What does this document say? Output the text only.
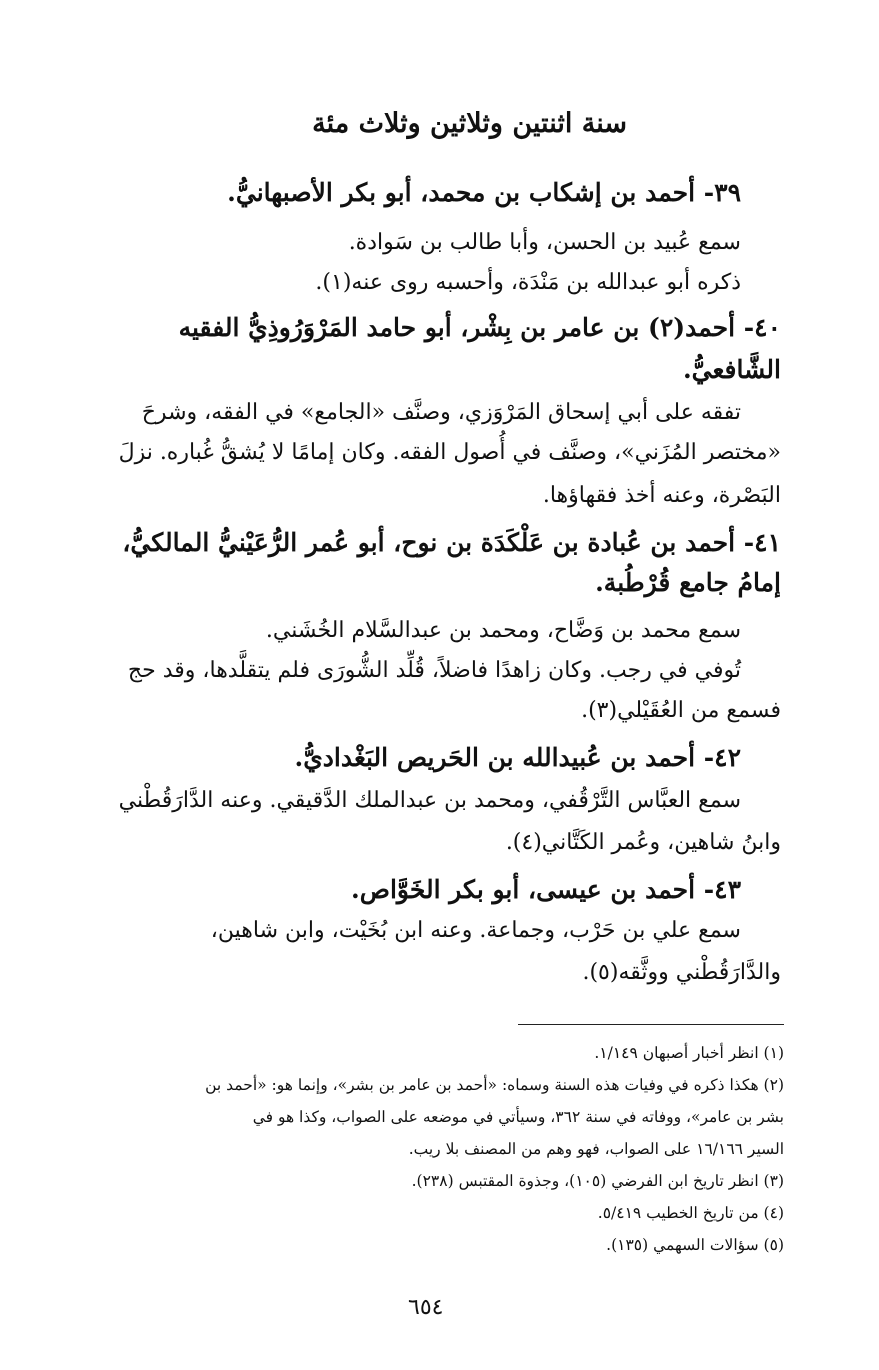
سنة اثنتين وثلاثين وثلاث مئة
٣٩- أحمد بن إشكاب بن محمد، أبو بكر الأصبهانيُّ.
سمع عُبيد بن الحسن، وأبا طالب بن سَوادة.
ذكره أبو عبدالله بن مَنْدَة، وأحسبه روى عنه(١).
٤٠- أحمد(٢) بن عامر بن بِشْر، أبو حامد المَرْوَرُوذِيُّ الفقيه
الشَّافعيُّ.
تفقه على أبي إسحاق المَرْوَزي، وصنَّف «الجامع» في الفقه، وشرحَ
«مختصر المُزَني»، وصنَّف في أُصول الفقه. وكان إمامًا لا يُشقُّ غُباره. نزلَ
البَصْرة، وعنه أخذ فقهاؤها.
٤١- أحمد بن عُبادة بن عَلْكَدَة بن نوح، أبو عُمر الرُّعَيْنيُّ المالكيُّ،
إمامُ جامع قُرْطُبة.
سمع محمد بن وَضَّاح، ومحمد بن عبدالسَّلام الخُشَني.
تُوفي في رجب. وكان زاهدًا فاضلاً، قُلِّد الشُّورَى فلم يتقلَّدها، وقد حج
فسمع من العُقَيْلي(٣).
٤٢- أحمد بن عُبيدالله بن الحَريص البَغْداديُّ.
سمع العبَّاس التَّرْقُفي، ومحمد بن عبدالملك الدَّقيقي. وعنه الدَّارَقُطْني
وابنُ شاهين، وعُمر الكَتَّاني(٤).
٤٣- أحمد بن عيسى، أبو بكر الخَوَّاص.
سمع علي بن حَرْب، وجماعة. وعنه ابن بُخَيْت، وابن شاهين،
والدَّارَقُطْني ووثَّقه(٥).
(١) انظر أخبار أصبهان ١/١٤٩.
(٢) هكذا ذكره في وفيات هذه السنة وسماه: «أحمد بن عامر بن بشر»، وإنما هو: «أحمد بن
بشر بن عامر»، ووفاته في سنة ٣٦٢، وسيأتي في موضعه على الصواب، وكذا هو في
السير ١٦/١٦٦ على الصواب، فهو وهم من المصنف بلا ريب.
(٣) انظر تاريخ ابن الفرضي (١٠٥)، وجذوة المقتبس (٢٣٨).
(٤) من تاريخ الخطيب ٥/٤١٩.
(٥) سؤالات السهمي (١٣٥).
٦٥٤
